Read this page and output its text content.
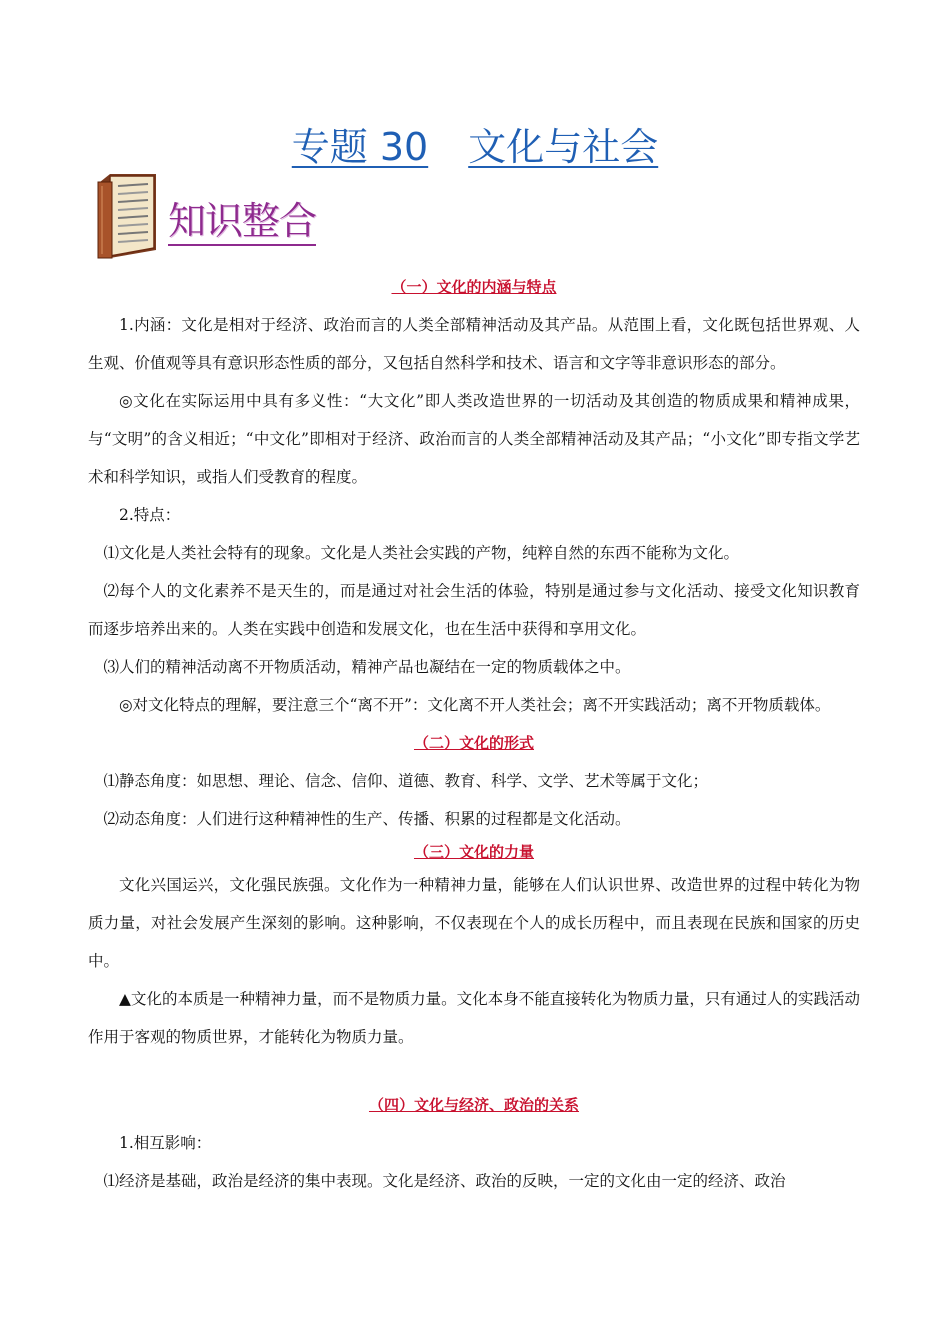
专题 30 文化与社会
知识整合

（一）文化的内涵与特点

1.内涵：文化是相对于经济、政治而言的人类全部精神活动及其产品。从范围上看，文化既包括世界观、人生观、价值观等具有意识形态性质的部分，又包括自然科学和技术、语言和文字等非意识形态的部分。

◎文化在实际运用中具有多义性：“大文化”即人类改造世界的一切活动及其创造的物质成果和精神成果，与“文明”的含义相近；“中文化”即相对于经济、政治而言的人类全部精神活动及其产品；“小文化”即专指文学艺术和科学知识，或指人们受教育的程度。

2.特点：

⑴文化是人类社会特有的现象。文化是人类社会实践的产物，纯粹自然的东西不能称为文化。

⑵每个人的文化素养不是天生的，而是通过对社会生活的体验，特别是通过参与文化活动、接受文化知识教育而逐步培养出来的。人类在实践中创造和发展文化，也在生活中获得和享用文化。

⑶人们的精神活动离不开物质活动，精神产品也凝结在一定的物质载体之中。

◎对文化特点的理解，要注意三个“离不开”：文化离不开人类社会；离不开实践活动；离不开物质载体。

（二）文化的形式

⑴静态角度：如思想、理论、信念、信仰、道德、教育、科学、文学、艺术等属于文化；

⑵动态角度：人们进行这种精神性的生产、传播、积累的过程都是文化活动。

（三）文化的力量

文化兴国运兴，文化强民族强。文化作为一种精神力量，能够在人们认识世界、改造世界的过程中转化为物质力量，对社会发展产生深刻的影响。这种影响，不仅表现在个人的成长历程中，而且表现在民族和国家的历史中。

▲文化的本质是一种精神力量，而不是物质力量。文化本身不能直接转化为物质力量，只有通过人的实践活动作用于客观的物质世界，才能转化为物质力量。

（四）文化与经济、政治的关系

1.相互影响：

⑴经济是基础，政治是经济的集中表现。文化是经济、政治的反映，一定的文化由一定的经济、政治
